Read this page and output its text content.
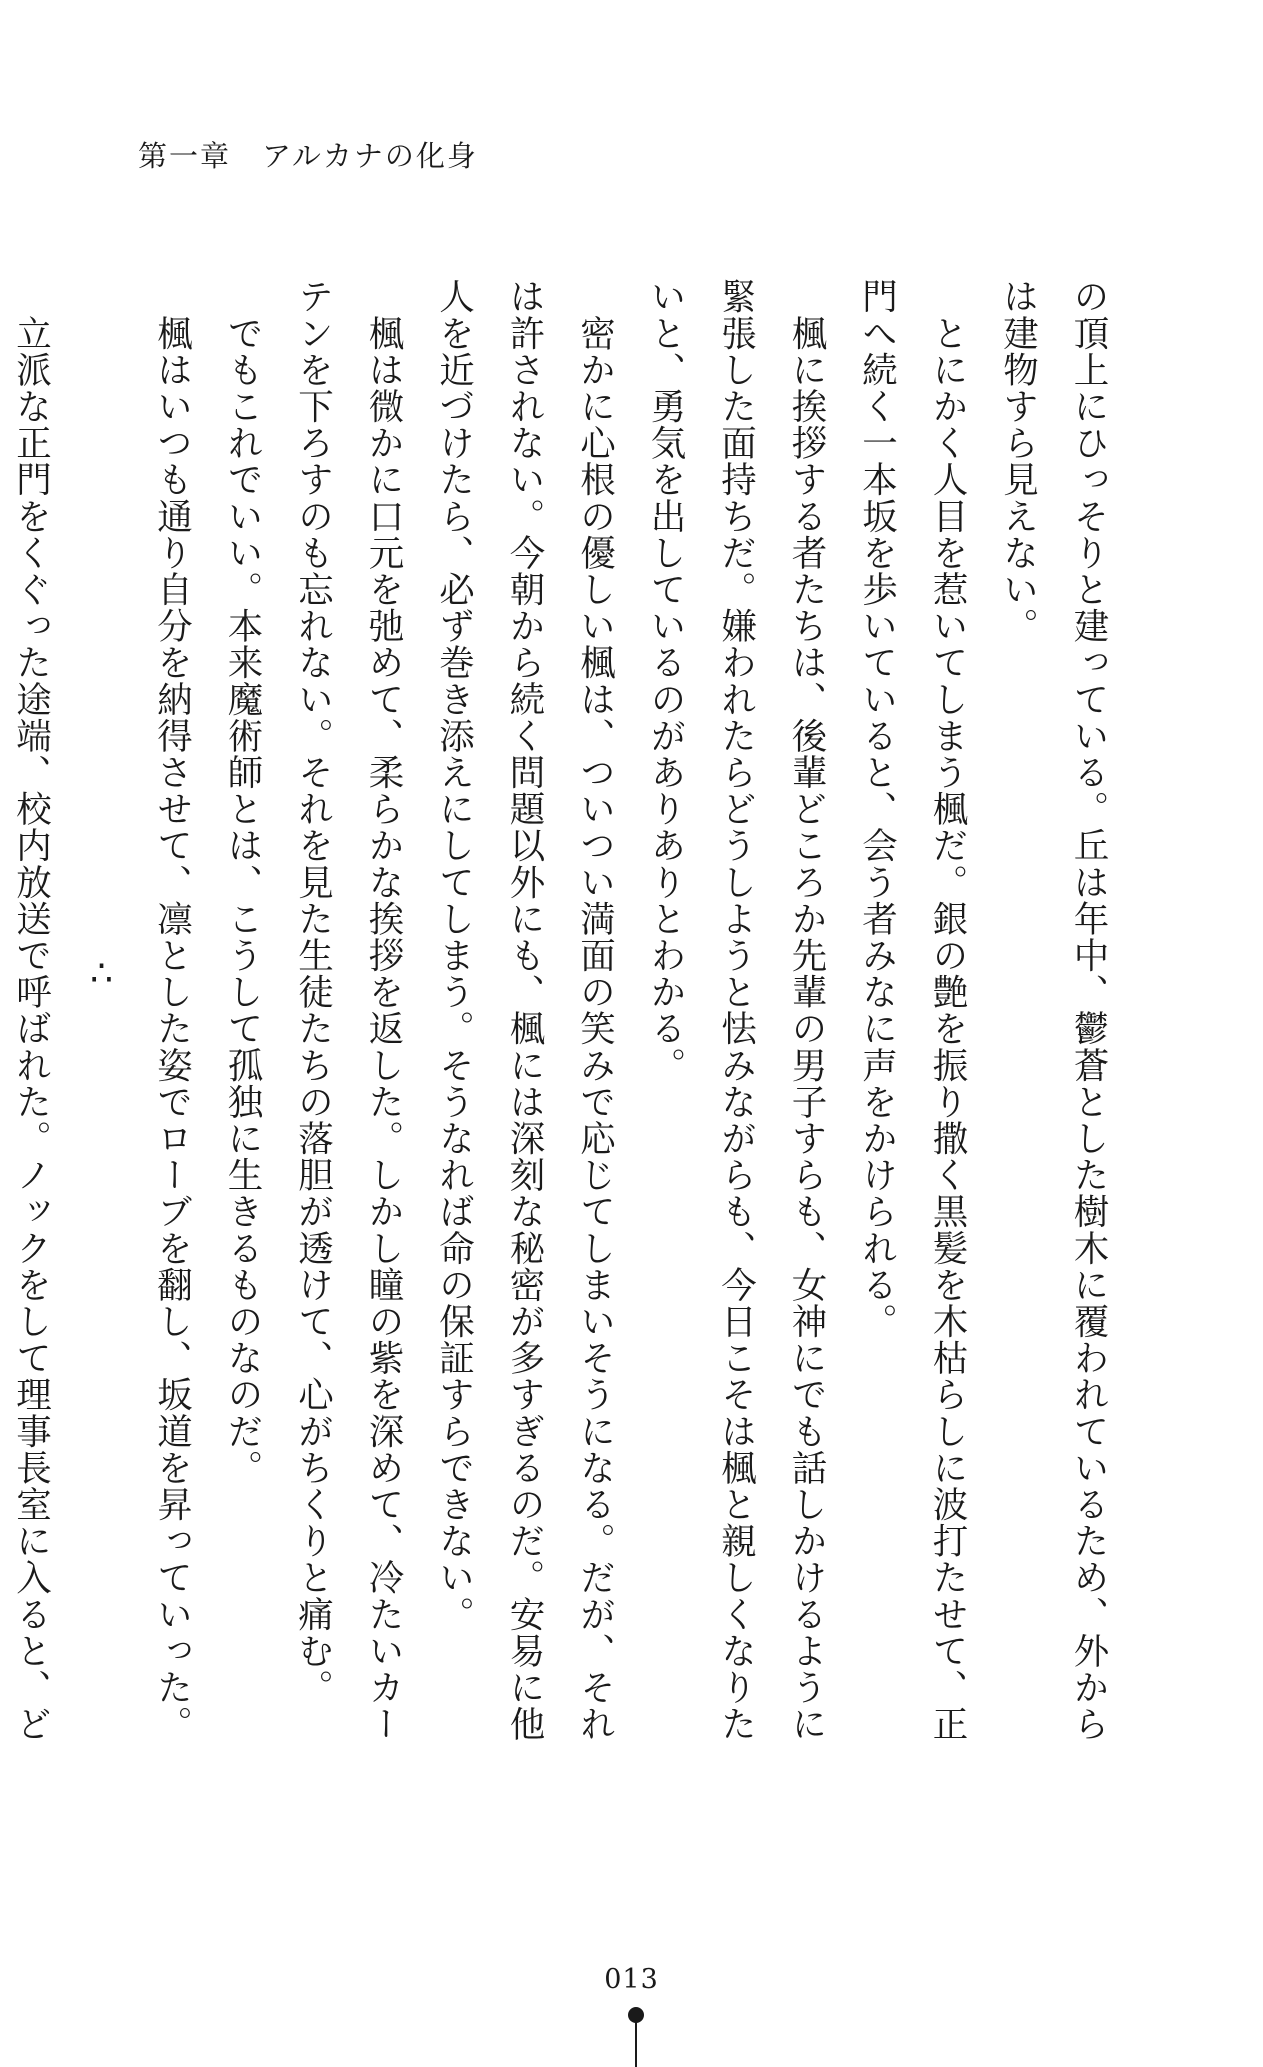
第一章　アルカナの化身
の頂上にひっそりと建っている。丘は年中、鬱蒼とした樹木に覆われているため、外から
は建物すら見えない。
　とにかく人目を惹いてしまう楓だ。銀の艶を振り撒く黒髪を木枯らしに波打たせて、正
門へ続く一本坂を歩いていると、会う者みなに声をかけられる。
　楓に挨拶する者たちは、後輩どころか先輩の男子すらも、女神にでも話しかけるように
緊張した面持ちだ。嫌われたらどうしようと怯みながらも、今日こそは楓と親しくなりた
いと、勇気を出しているのがありありとわかる。
　密かに心根の優しい楓は、ついつい満面の笑みで応じてしまいそうになる。だが、それ
は許されない。今朝から続く問題以外にも、楓には深刻な秘密が多すぎるのだ。安易に他
人を近づけたら、必ず巻き添えにしてしまう。そうなれば命の保証すらできない。
　楓は微かに口元を弛めて、柔らかな挨拶を返した。しかし瞳の紫を深めて、冷たいカー
テンを下ろすのも忘れない。それを見た生徒たちの落胆が透けて、心がちくりと痛む。
　でもこれでいい。本来魔術師とは、こうして孤独に生きるものなのだ。
　楓はいつも通り自分を納得させて、凛とした姿でローブを翻し、坂道を昇っていった。
∴
　立派な正門をくぐった途端、校内放送で呼ばれた。ノックをして理事長室に入ると、ど
013
